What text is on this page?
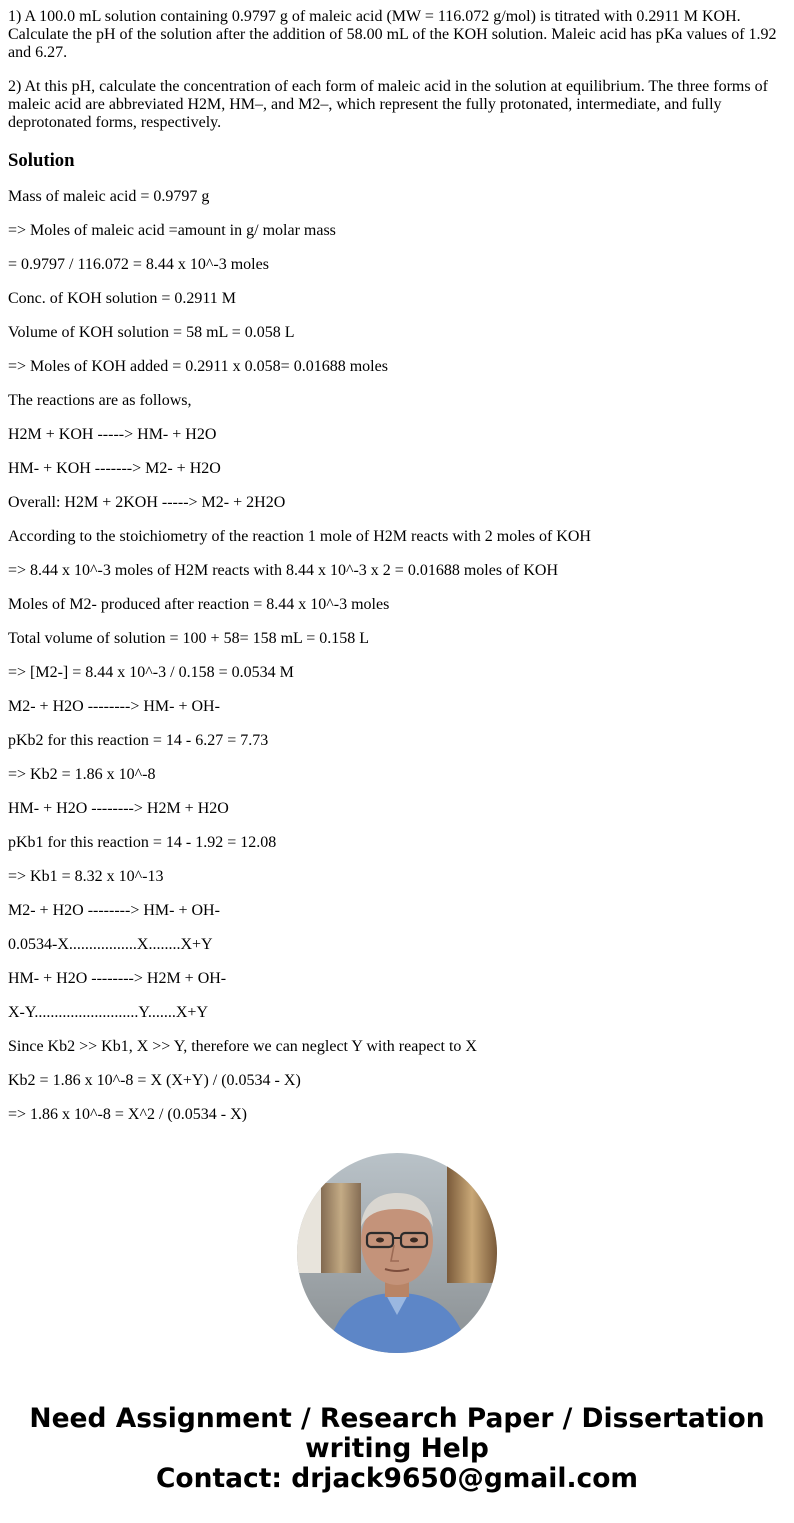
1) A 100.0 mL solution containing 0.9797 g of maleic acid (MW = 116.072 g/mol) is titrated with 0.2911 M KOH. Calculate the pH of the solution after the addition of 58.00 mL of the KOH solution. Maleic acid has pKa values of 1.92 and 6.27.

2) At this pH, calculate the concentration of each form of maleic acid in the solution at equilibrium. The three forms of maleic acid are abbreviated H2M, HM–, and M2–, which represent the fully protonated, intermediate, and fully deprotonated forms, respectively.

Solution

Mass of maleic acid = 0.9797 g

=> Moles of maleic acid =amount in g/ molar mass

= 0.9797 / 116.072 = 8.44 x 10^-3 moles

Conc. of KOH solution = 0.2911 M

Volume of KOH solution = 58 mL = 0.058 L

=> Moles of KOH added = 0.2911 x 0.058= 0.01688 moles

The reactions are as follows,

H2M + KOH -----> HM- + H2O

HM- + KOH -------> M2- + H2O

Overall: H2M + 2KOH -----> M2- + 2H2O

According to the stoichiometry of the reaction 1 mole of H2M reacts with 2 moles of KOH

=> 8.44 x 10^-3 moles of H2M reacts with 8.44 x 10^-3 x 2 = 0.01688 moles of KOH

Moles of M2- produced after reaction = 8.44 x 10^-3 moles

Total volume of solution = 100 + 58= 158 mL = 0.158 L

=> [M2-] = 8.44 x 10^-3 / 0.158 = 0.0534 M

M2- + H2O --------> HM- + OH-

pKb2 for this reaction = 14 - 6.27 = 7.73

=> Kb2 = 1.86 x 10^-8

HM- + H2O --------> H2M + H2O

pKb1 for this reaction = 14 - 1.92 = 12.08

=> Kb1 = 8.32 x 10^-13

M2- + H2O --------> HM- + OH-

0.0534-X.................X........X+Y

HM- + H2O --------> H2M + OH-

X-Y..........................Y.......X+Y

Since Kb2 >> Kb1, X >> Y, therefore we can neglect Y with reapect to X

Kb2 = 1.86 x 10^-8 = X (X+Y) / (0.0534 - X)

=> 1.86 x 10^-8 = X^2 / (0.0534 - X)

Need Assignment / Research Paper / Dissertation
writing Help
Contact: drjack9650@gmail.com
